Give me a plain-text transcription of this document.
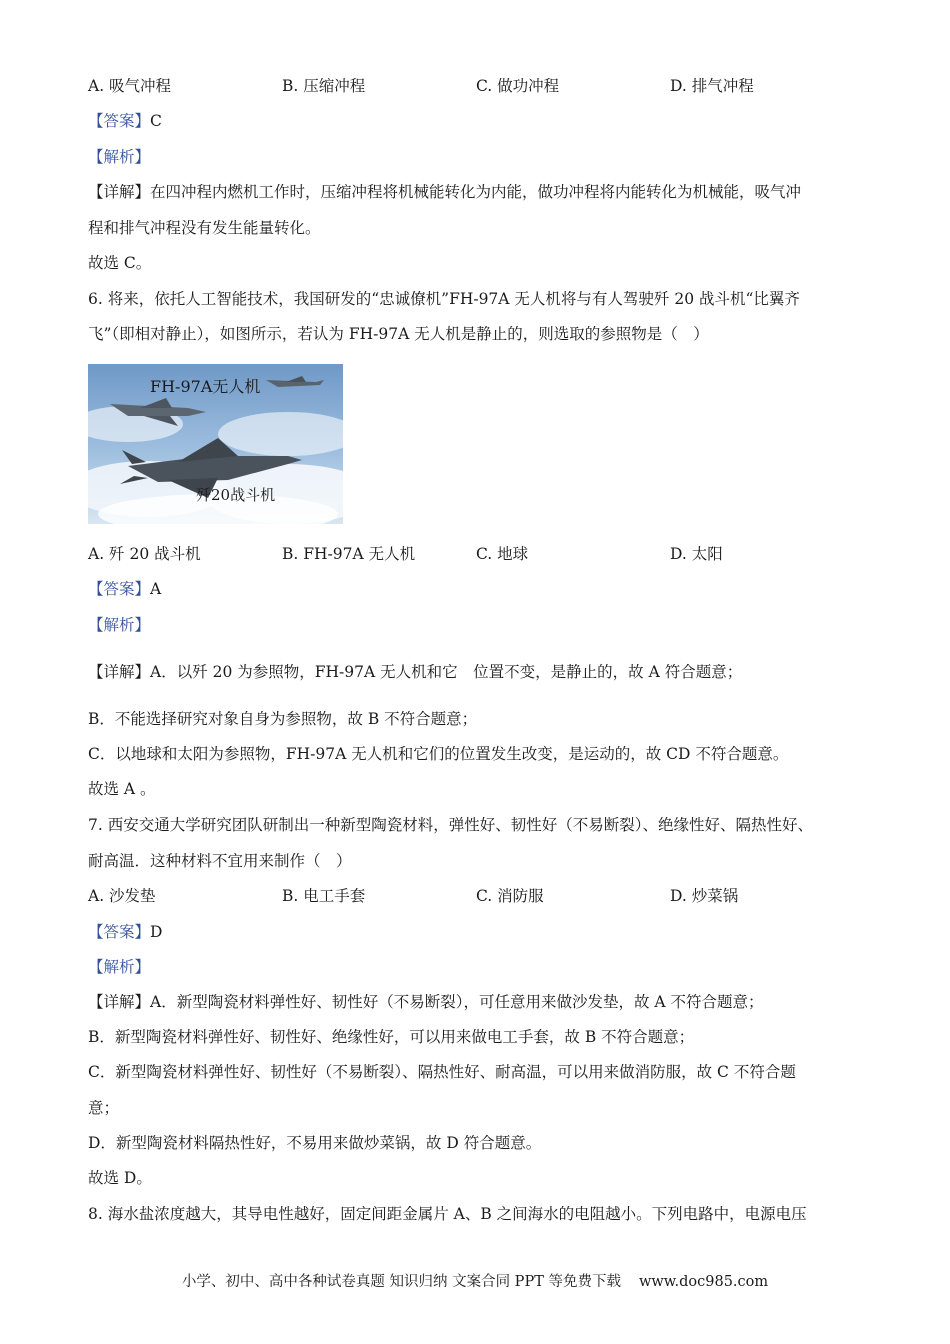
A. 吸气冲程	B. 压缩冲程	C. 做功冲程	D. 排气冲程
【答案】C
【解析】
【详解】在四冲程内燃机工作时，压缩冲程将机械能转化为内能，做功冲程将内能转化为机械能，吸气冲
程和排气冲程没有发生能量转化。
故选 C。
6. 将来，依托人工智能技术，我国研发的“忠诚僚机”FH-97A 无人机将与有人驾驶歼 20 战斗机“比翼齐
飞”（即相对静止），如图所示，若认为 FH-97A 无人机是静止的，则选取的参照物是（　）
FH-97A无人机
歼20战斗机
A. 歼 20 战斗机	B. FH-97A 无人机	C. 地球	D. 太阳
【答案】A
【解析】
【详解】A．以歼 20 为参照物，FH-97A 无人机和它　位置不变，是静止的，故 A 符合题意；
B．不能选择研究对象自身为参照物，故 B 不符合题意；
C．以地球和太阳为参照物，FH-97A 无人机和它们的位置发生改变，是运动的，故 CD 不符合题意。
故选 A 。
7. 西安交通大学研究团队研制出一种新型陶瓷材料，弹性好、韧性好（不易断裂）、绝缘性好、隔热性好、
耐高温．这种材料不宜用来制作（　）
A. 沙发垫	B. 电工手套	C. 消防服	D. 炒菜锅
【答案】D
【解析】
【详解】A．新型陶瓷材料弹性好、韧性好（不易断裂），可任意用来做沙发垫，故 A 不符合题意；
B．新型陶瓷材料弹性好、韧性好、绝缘性好，可以用来做电工手套，故 B 不符合题意；
C．新型陶瓷材料弹性好、韧性好（不易断裂）、隔热性好、耐高温，可以用来做消防服，故 C 不符合题
意；
D．新型陶瓷材料隔热性好，不易用来做炒菜锅，故 D 符合题意。
故选 D。
8. 海水盐浓度越大，其导电性越好，固定间距金属片 A、B 之间海水的电阻越小。下列电路中，电源电压
小学、初中、高中各种试卷真题 知识归纳 文案合同 PPT 等免费下载 www.doc985.com
